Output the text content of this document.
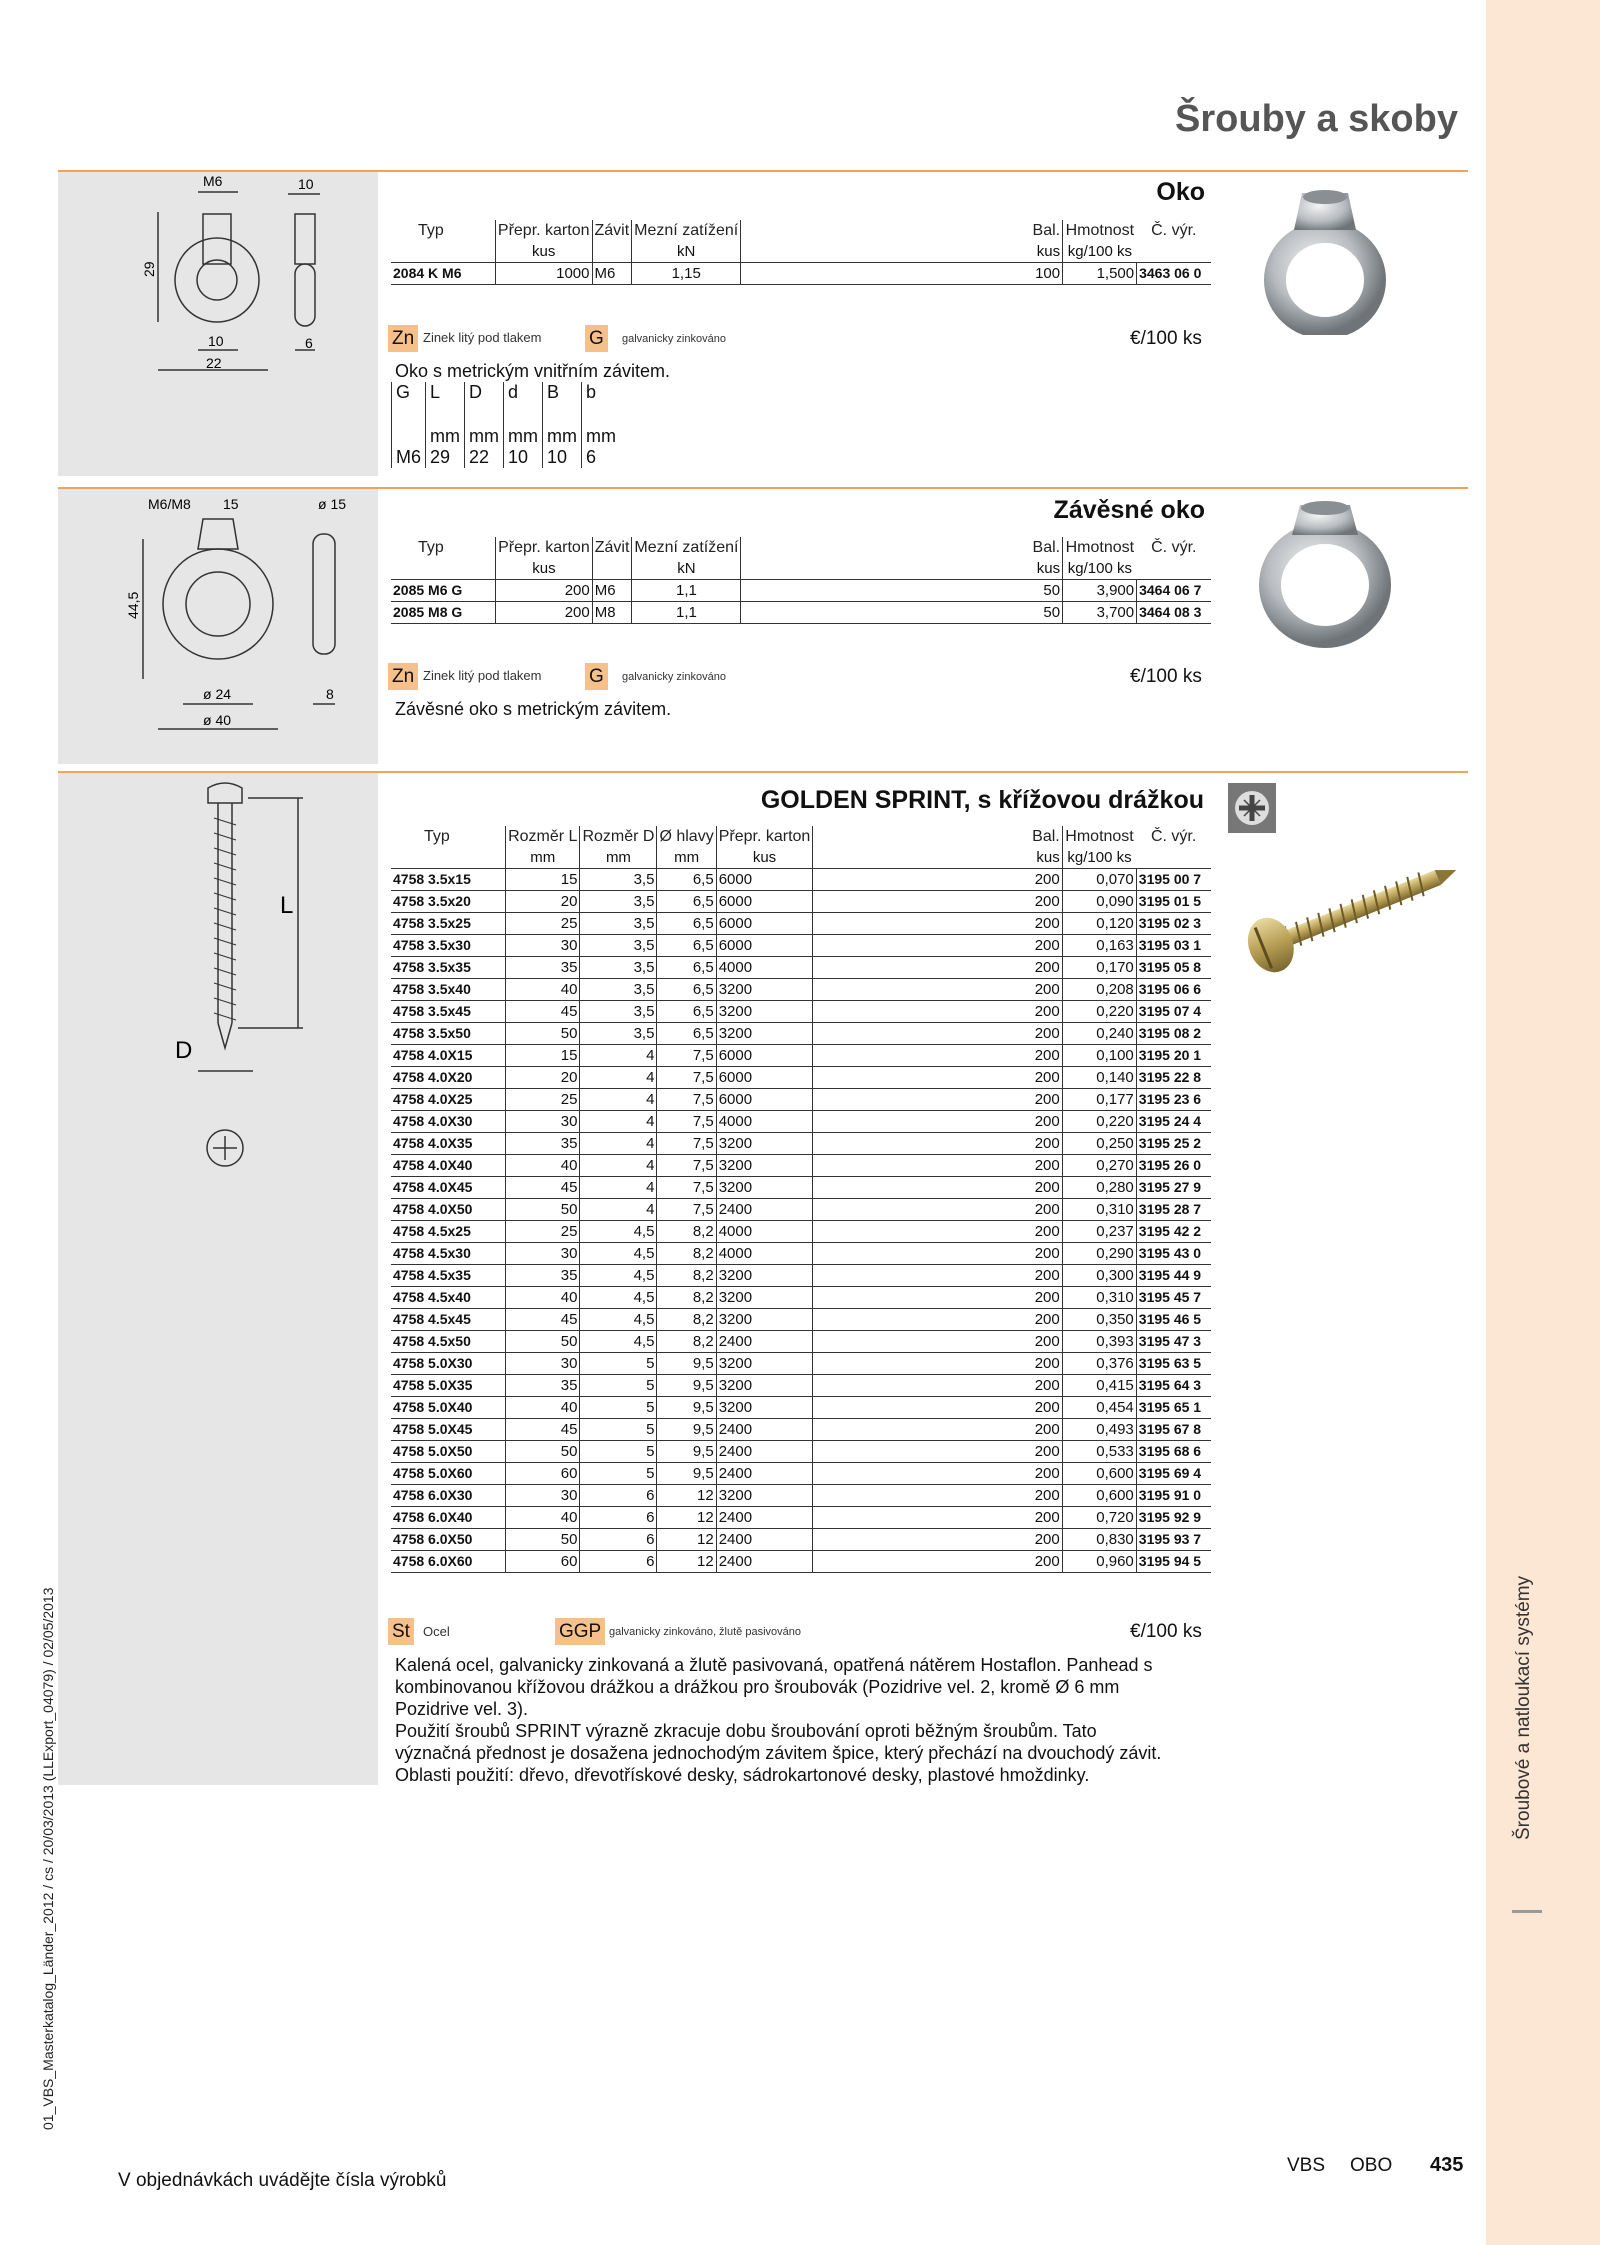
Šroubové a natloukací systémy
01_VBS_Masterkatalog_Länder_2012 / cs / 20/03/2013 (LLExport_04079) / 02/05/2013
Šrouby a skoby
M6	10
29
10	6
22
Oko
Typ	Přepr. karton	Závit	Mezní zatížení		Bal.	Hmotnost	Č. výr.
	kus		kN		kus	kg/100 ks	
2084 K M6	1000	M6	1,15		100	1,500	3463 06 0
Zn Zinek litý pod tlakem	G	galvanicky zinkováno	€/100 ks
Oko s metrickým vnitřním závitem.
G	L	D	d	B	b
	mm	mm	mm	mm	mm
M6	29	22	10	10	6
M6/M8 15	ø 15
44,5
ø 24
ø 40
8
Závěsné oko
Typ	Přepr. karton	Závit	Mezní zatížení		Bal.	Hmotnost	Č. výr.
	kus		kN		kus	kg/100 ks	
2085 M6 G	200	M6	1,1		50	3,900	3464 06 7
2085 M8 G	200	M8	1,1		50	3,700	3464 08 3
Zn Zinek litý pod tlakem	G	galvanicky zinkováno	€/100 ks
Závěsné oko s metrickým závitem.
L
D
GOLDEN SPRINT, s křížovou drážkou
Typ	Rozměr L	Rozměr D	Ø hlavy	Přepr. karton		Bal.	Hmotnost	Č. výr.
	mm	mm	mm	kus		kus	kg/100 ks	
4758 3.5x15	15	3,5	6,5	6000		200	0,070	3195 00 7
4758 3.5x20	20	3,5	6,5	6000		200	0,090	3195 01 5
4758 3.5x25	25	3,5	6,5	6000		200	0,120	3195 02 3
4758 3.5x30	30	3,5	6,5	6000		200	0,163	3195 03 1
4758 3.5x35	35	3,5	6,5	4000		200	0,170	3195 05 8
4758 3.5x40	40	3,5	6,5	3200		200	0,208	3195 06 6
4758 3.5x45	45	3,5	6,5	3200		200	0,220	3195 07 4
4758 3.5x50	50	3,5	6,5	3200		200	0,240	3195 08 2
4758 4.0X15	15	4	7,5	6000		200	0,100	3195 20 1
4758 4.0X20	20	4	7,5	6000		200	0,140	3195 22 8
4758 4.0X25	25	4	7,5	6000		200	0,177	3195 23 6
4758 4.0X30	30	4	7,5	4000		200	0,220	3195 24 4
4758 4.0X35	35	4	7,5	3200		200	0,250	3195 25 2
4758 4.0X40	40	4	7,5	3200		200	0,270	3195 26 0
4758 4.0X45	45	4	7,5	3200		200	0,280	3195 27 9
4758 4.0X50	50	4	7,5	2400		200	0,310	3195 28 7
4758 4.5x25	25	4,5	8,2	4000		200	0,237	3195 42 2
4758 4.5x30	30	4,5	8,2	4000		200	0,290	3195 43 0
4758 4.5x35	35	4,5	8,2	3200		200	0,300	3195 44 9
4758 4.5x40	40	4,5	8,2	3200		200	0,310	3195 45 7
4758 4.5x45	45	4,5	8,2	3200		200	0,350	3195 46 5
4758 4.5x50	50	4,5	8,2	2400		200	0,393	3195 47 3
4758 5.0X30	30	5	9,5	3200		200	0,376	3195 63 5
4758 5.0X35	35	5	9,5	3200		200	0,415	3195 64 3
4758 5.0X40	40	5	9,5	3200		200	0,454	3195 65 1
4758 5.0X45	45	5	9,5	2400		200	0,493	3195 67 8
4758 5.0X50	50	5	9,5	2400		200	0,533	3195 68 6
4758 5.0X60	60	5	9,5	2400		200	0,600	3195 69 4
4758 6.0X30	30	6	12	3200		200	0,600	3195 91 0
4758 6.0X40	40	6	12	2400		200	0,720	3195 92 9
4758 6.0X50	50	6	12	2400		200	0,830	3195 93 7
4758 6.0X60	60	6	12	2400		200	0,960	3195 94 5
St	Ocel	GGP galvanicky zinkováno, žlutě pasivováno	€/100 ks
Kalená ocel, galvanicky zinkovaná a žlutě pasivovaná, opatřená nátěrem Hostaflon. Panhead s
kombinovanou křížovou drážkou a drážkou pro šroubovák (Pozidrive vel. 2, kromě Ø 6 mm
Pozidrive vel. 3).
Použití šroubů SPRINT výrazně zkracuje dobu šroubování oproti běžným šroubům. Tato
význačná přednost je dosažena jednochodým závitem špice, který přechází na dvouchodý závit.
Oblasti použití: dřevo, dřevotřískové desky, sádrokartonové desky, plastové hmoždinky.
V objednávkách uvádějte čísla výrobků
VBS OBO 435
